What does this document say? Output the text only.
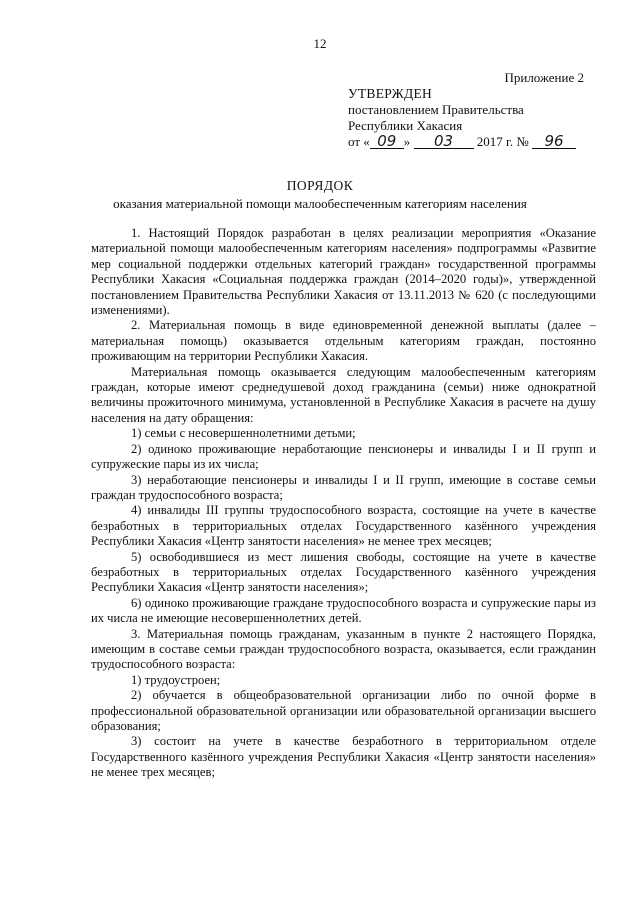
12
Приложение 2
УТВЕРЖДЕН
постановлением Правительства
Республики Хакасия
от « 09 » 03 2017 г. № 96
ПОРЯДОК
оказания материальной помощи малообеспеченным категориям населения

1. Настоящий Порядок разработан в целях реализации мероприятия «Оказание материальной помощи малообеспеченным категориям населения» подпрограммы «Развитие мер социальной поддержки отдельных категорий граждан» государственной программы Республики Хакасия «Социальная поддержка граждан (2014–2020 годы)», утвержденной постановлением Правительства Республики Хакасия от 13.11.2013 № 620 (с последующими изменениями).

2. Материальная помощь в виде единовременной денежной выплаты (далее – материальная помощь) оказывается отдельным категориям граждан, постоянно проживающим на территории Республики Хакасия.

Материальная помощь оказывается следующим малообеспеченным категориям граждан, которые имеют среднедушевой доход гражданина (семьи) ниже однократной величины прожиточного минимума, установленной в Республике Хакасия в расчете на душу населения на дату обращения:

1) семьи с несовершеннолетними детьми;

2) одиноко проживающие неработающие пенсионеры и инвалиды I и II групп и супружеские пары из их числа;

3) неработающие пенсионеры и инвалиды I и II групп, имеющие в составе семьи граждан трудоспособного возраста;

4) инвалиды III группы трудоспособного возраста, состоящие на учете в качестве безработных в территориальных отделах Государственного казённого учреждения Республики Хакасия «Центр занятости населения» не менее трех месяцев;

5) освободившиеся из мест лишения свободы, состоящие на учете в качестве безработных в территориальных отделах Государственного казённого учреждения Республики Хакасия «Центр занятости населения»;

6) одиноко проживающие граждане трудоспособного возраста и супружеские пары из их числа не имеющие несовершеннолетних детей.

3. Материальная помощь гражданам, указанным в пункте 2 настоящего Порядка, имеющим в составе семьи граждан трудоспособного возраста, оказывается, если гражданин трудоспособного возраста:

1) трудоустроен;

2) обучается в общеобразовательной организации либо по очной форме в профессиональной образовательной организации или образовательной организации высшего образования;

3) состоит на учете в качестве безработного в территориальном отделе Государственного казённого учреждения Республики Хакасия «Центр занятости населения» не менее трех месяцев;
